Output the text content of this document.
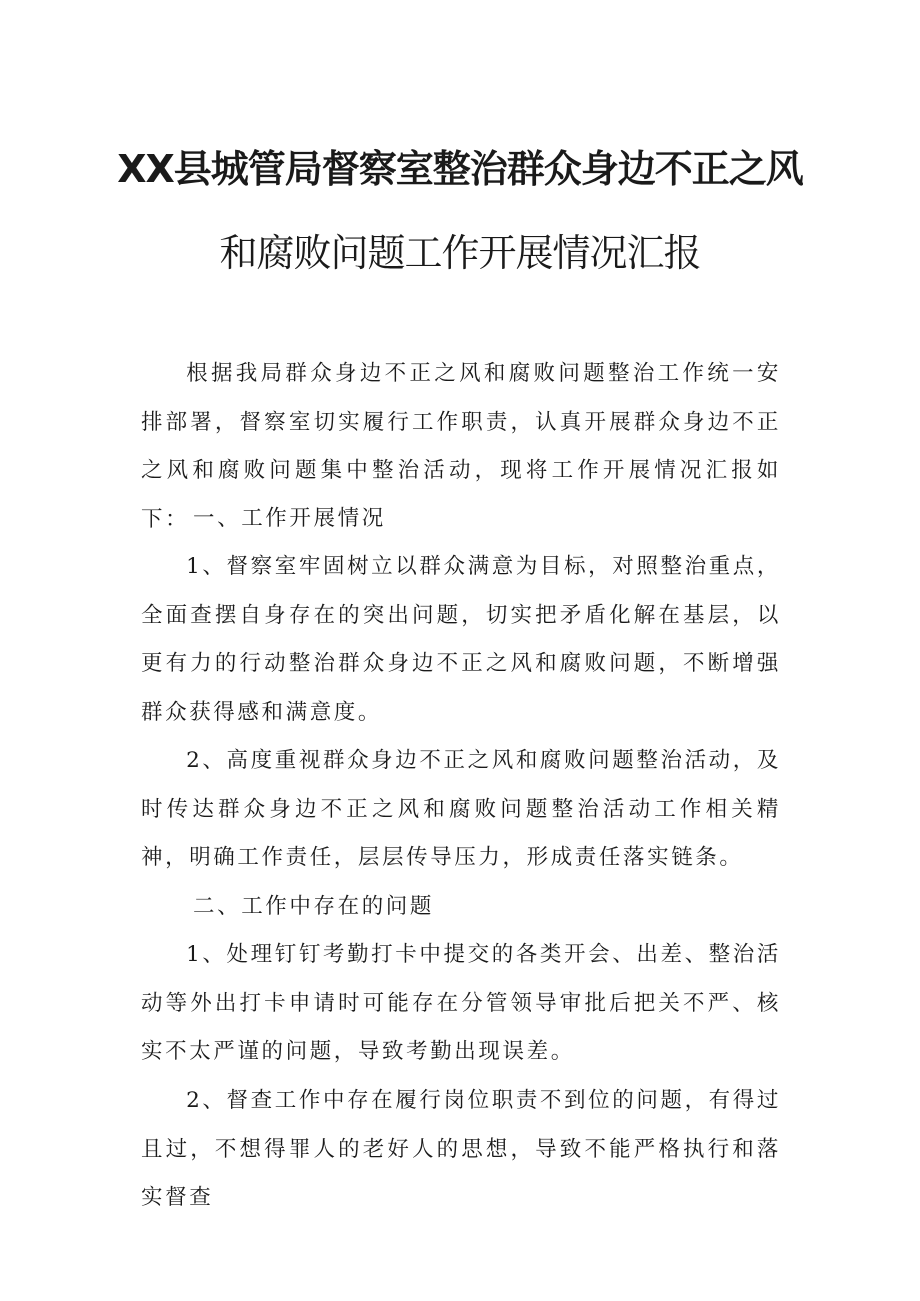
XX县城管局督察室整治群众身边不正之风
和腐败问题工作开展情况汇报

根据我局群众身边不正之风和腐败问题整治工作统一安排部署，督察室切实履行工作职责，认真开展群众身边不正之风和腐败问题集中整治活动，现将工作开展情况汇报如下： 一、工作开展情况

1、督察室牢固树立以群众满意为目标，对照整治重点，全面查摆自身存在的突出问题，切实把矛盾化解在基层，以更有力的行动整治群众身边不正之风和腐败问题，不断增强群众获得感和满意度。

2、高度重视群众身边不正之风和腐败问题整治活动，及时传达群众身边不正之风和腐败问题整治活动工作相关精神，明确工作责任，层层传导压力，形成责任落实链条。

二、工作中存在的问题

1、处理钉钉考勤打卡中提交的各类开会、出差、整治活动等外出打卡申请时可能存在分管领导审批后把关不严、核实不太严谨的问题，导致考勤出现误差。

2、督查工作中存在履行岗位职责不到位的问题，有得过且过，不想得罪人的老好人的思想，导致不能严格执行和落实督查
